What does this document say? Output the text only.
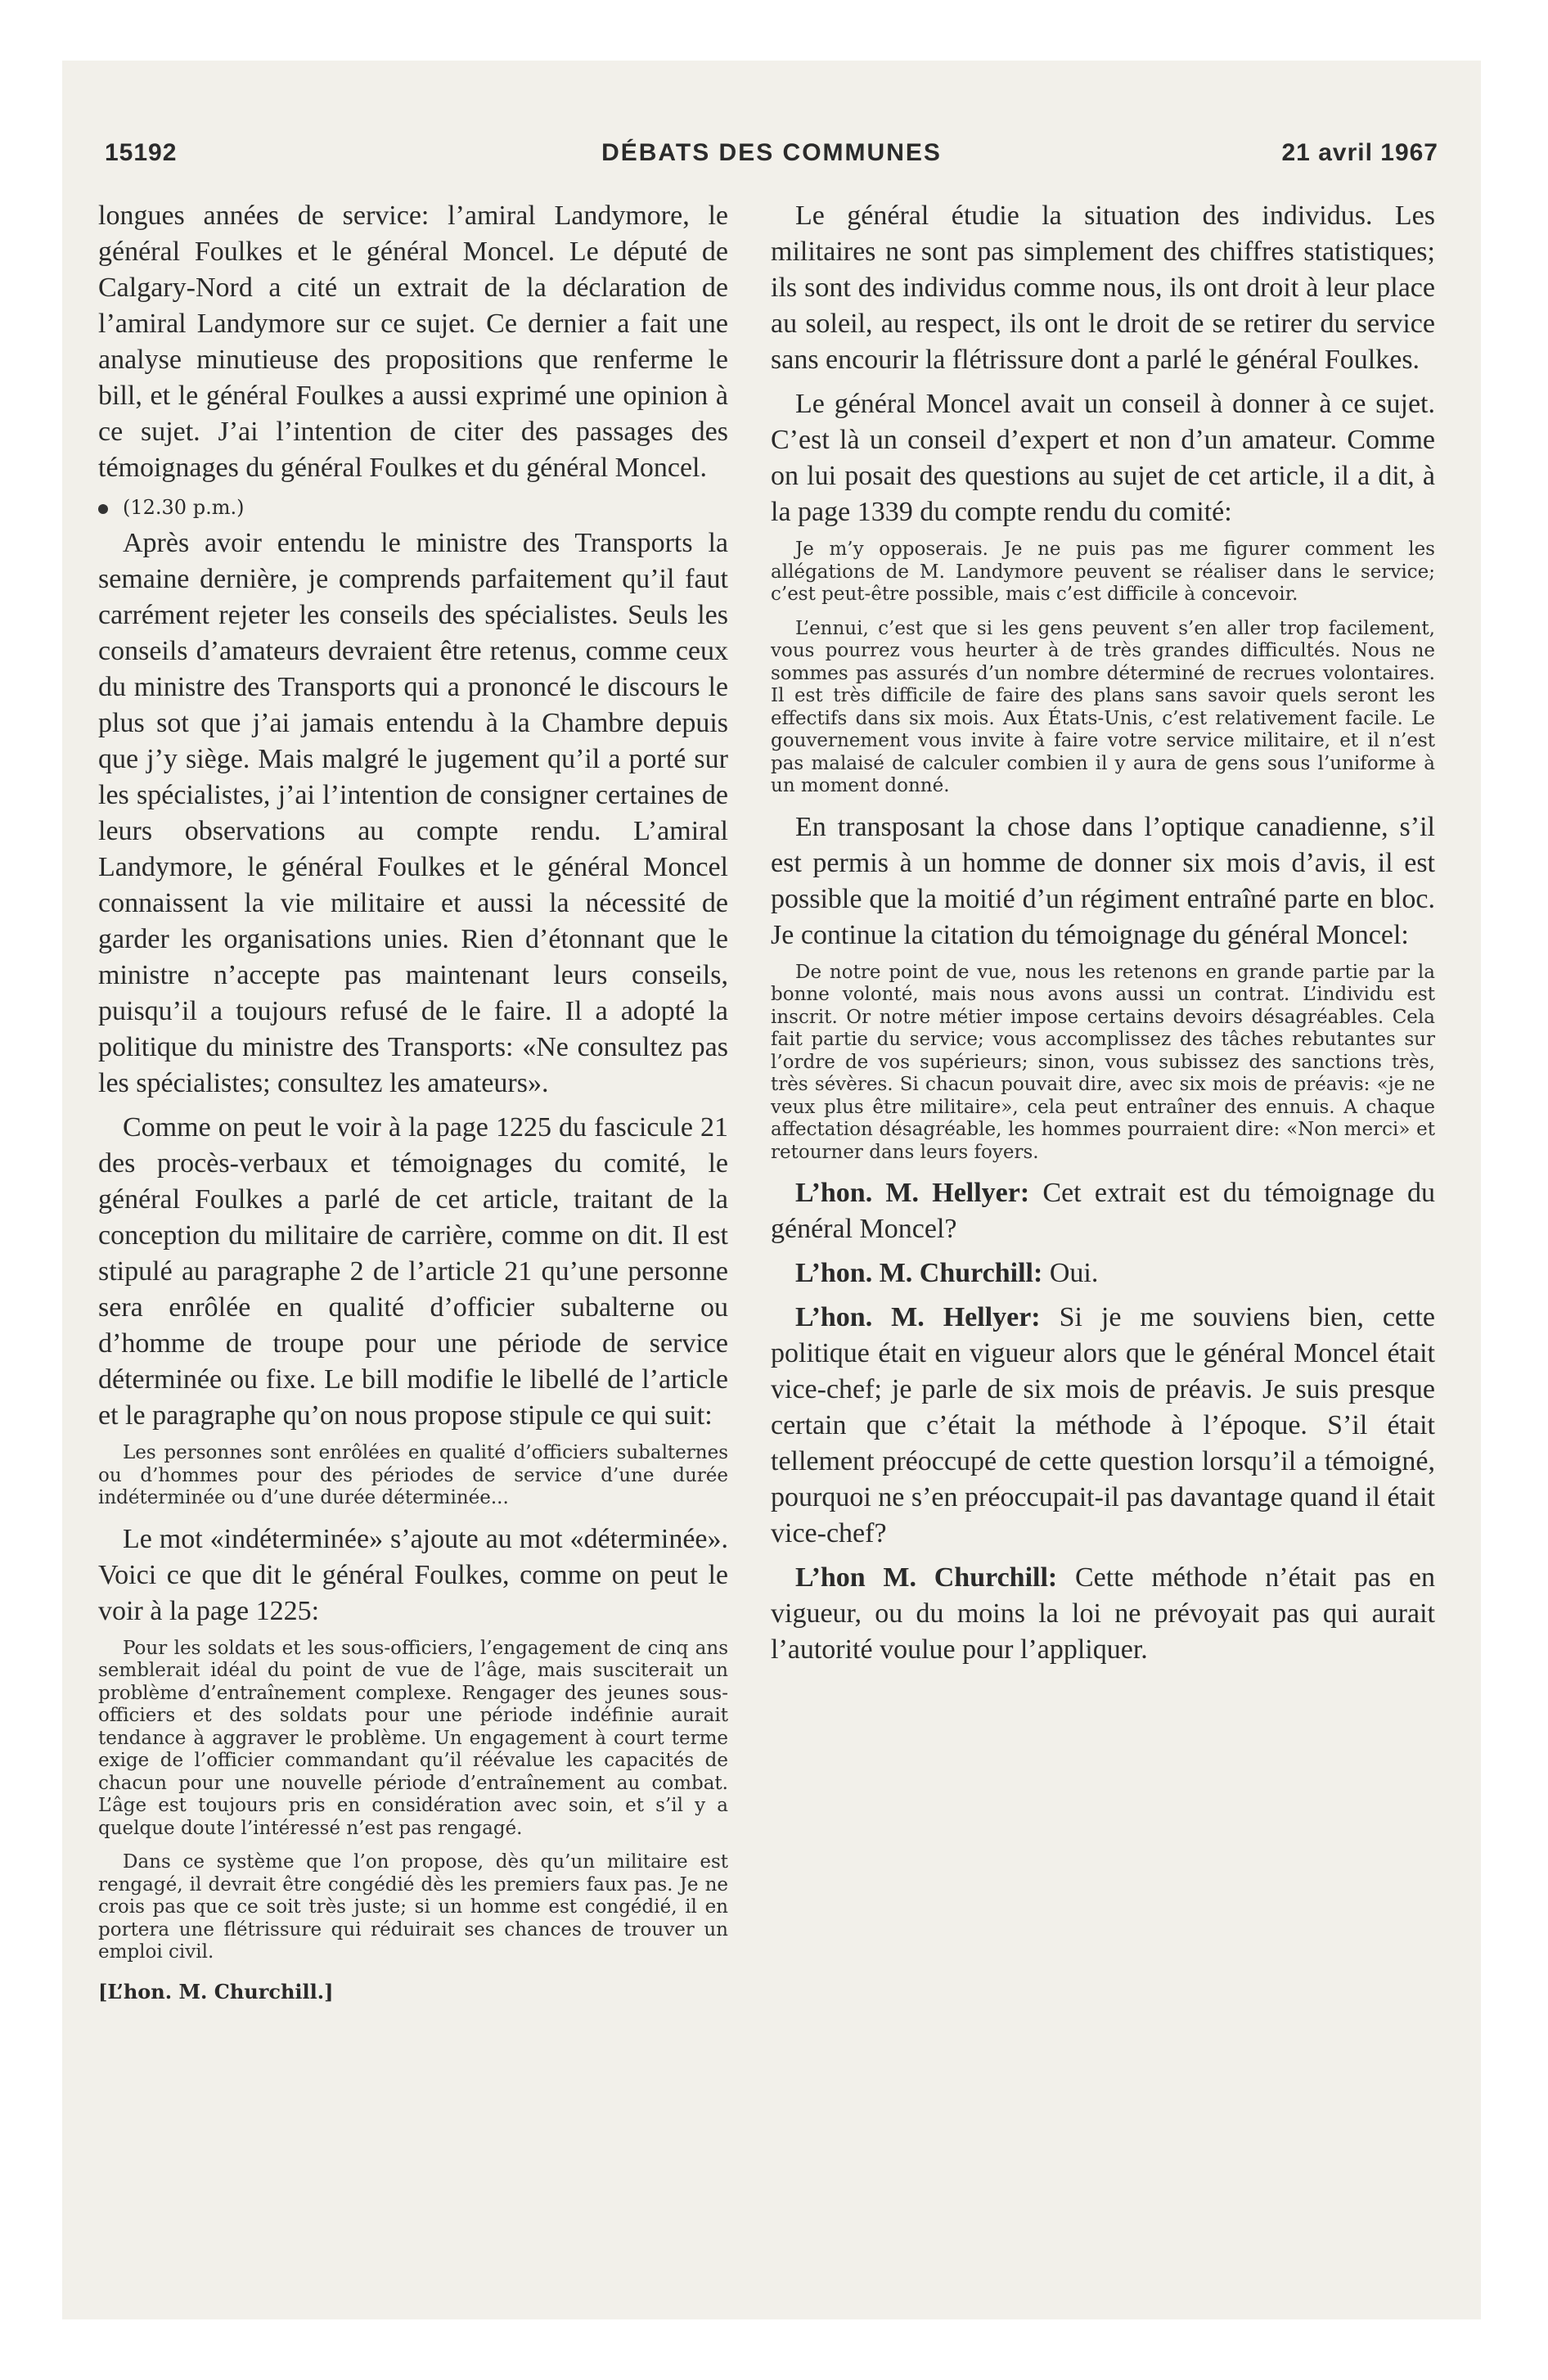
15192	DÉBATS DES COMMUNES	21 avril 1967

longues années de service: l’amiral Landymore, le général Foulkes et le général Moncel. Le député de Calgary-Nord a cité un extrait de la déclaration de l’amiral Landymore sur ce sujet. Ce dernier a fait une analyse minutieuse des propositions que renferme le bill, et le général Foulkes a aussi exprimé une opinion à ce sujet. J’ai l’intention de citer des passages des témoignages du général Foulkes et du général Moncel.

(12.30 p.m.)

Après avoir entendu le ministre des Transports la semaine dernière, je comprends parfaitement qu’il faut carrément rejeter les conseils des spécialistes. Seuls les conseils d’amateurs devraient être retenus, comme ceux du ministre des Transports qui a prononcé le discours le plus sot que j’ai jamais entendu à la Chambre depuis que j’y siège. Mais malgré le jugement qu’il a porté sur les spécialistes, j’ai l’intention de consigner certaines de leurs observations au compte rendu. L’amiral Landymore, le général Foulkes et le général Moncel connaissent la vie militaire et aussi la nécessité de garder les organisations unies. Rien d’étonnant que le ministre n’accepte pas maintenant leurs conseils, puisqu’il a toujours refusé de le faire. Il a adopté la politique du ministre des Transports: «Ne consultez pas les spécialistes; consultez les amateurs».

Comme on peut le voir à la page 1225 du fascicule 21 des procès-verbaux et témoignages du comité, le général Foulkes a parlé de cet article, traitant de la conception du militaire de carrière, comme on dit. Il est stipulé au paragraphe 2 de l’article 21 qu’une personne sera enrôlée en qualité d’officier subalterne ou d’homme de troupe pour une période de service déterminée ou fixe. Le bill modifie le libellé de l’article et le paragraphe qu’on nous propose stipule ce qui suit:

Les personnes sont enrôlées en qualité d’officiers subalternes ou d’hommes pour des périodes de service d’une durée indéterminée ou d’une durée déterminée...

Le mot «indéterminée» s’ajoute au mot «déterminée». Voici ce que dit le général Foulkes, comme on peut le voir à la page 1225:

Pour les soldats et les sous-officiers, l’engagement de cinq ans semblerait idéal du point de vue de l’âge, mais susciterait un problème d’entraînement complexe. Rengager des jeunes sous-officiers et des soldats pour une période indéfinie aurait tendance à aggraver le problème. Un engagement à court terme exige de l’officier commandant qu’il réévalue les capacités de chacun pour une nouvelle période d’entraînement au combat. L’âge est toujours pris en considération avec soin, et s’il y a quelque doute l’intéressé n’est pas rengagé.

Dans ce système que l’on propose, dès qu’un militaire est rengagé, il devrait être congédié dès les premiers faux pas. Je ne crois pas que ce soit très juste; si un homme est congédié, il en portera une flétrissure qui réduirait ses chances de trouver un emploi civil.

[L’hon. M. Churchill.]

Le général étudie la situation des individus. Les militaires ne sont pas simplement des chiffres statistiques; ils sont des individus comme nous, ils ont droit à leur place au soleil, au respect, ils ont le droit de se retirer du service sans encourir la flétrissure dont a parlé le général Foulkes.

Le général Moncel avait un conseil à donner à ce sujet. C’est là un conseil d’expert et non d’un amateur. Comme on lui posait des questions au sujet de cet article, il a dit, à la page 1339 du compte rendu du comité:

Je m’y opposerais. Je ne puis pas me figurer comment les allégations de M. Landymore peuvent se réaliser dans le service; c’est peut-être possible, mais c’est difficile à concevoir.

L’ennui, c’est que si les gens peuvent s’en aller trop facilement, vous pourrez vous heurter à de très grandes difficultés. Nous ne sommes pas assurés d’un nombre déterminé de recrues volontaires. Il est très difficile de faire des plans sans savoir quels seront les effectifs dans six mois. Aux États-Unis, c’est relativement facile. Le gouvernement vous invite à faire votre service militaire, et il n’est pas malaisé de calculer combien il y aura de gens sous l’uniforme à un moment donné.

En transposant la chose dans l’optique canadienne, s’il est permis à un homme de donner six mois d’avis, il est possible que la moitié d’un régiment entraîné parte en bloc. Je continue la citation du témoignage du général Moncel:

De notre point de vue, nous les retenons en grande partie par la bonne volonté, mais nous avons aussi un contrat. L’individu est inscrit. Or notre métier impose certains devoirs désagréables. Cela fait partie du service; vous accomplissez des tâches rebutantes sur l’ordre de vos supérieurs; sinon, vous subissez des sanctions très, très sévères. Si chacun pouvait dire, avec six mois de préavis: «je ne veux plus être militaire», cela peut entraîner des ennuis. A chaque affectation désagréable, les hommes pourraient dire: «Non merci» et retourner dans leurs foyers.

L’hon. M. Hellyer: Cet extrait est du témoignage du général Moncel?

L’hon. M. Churchill: Oui.

L’hon. M. Hellyer: Si je me souviens bien, cette politique était en vigueur alors que le général Moncel était vice-chef; je parle de six mois de préavis. Je suis presque certain que c’était la méthode à l’époque. S’il était tellement préoccupé de cette question lorsqu’il a témoigné, pourquoi ne s’en préoccupait-il pas davantage quand il était vice-chef?

L’hon M. Churchill: Cette méthode n’était pas en vigueur, ou du moins la loi ne prévoyait pas qui aurait l’autorité voulue pour l’appliquer.
